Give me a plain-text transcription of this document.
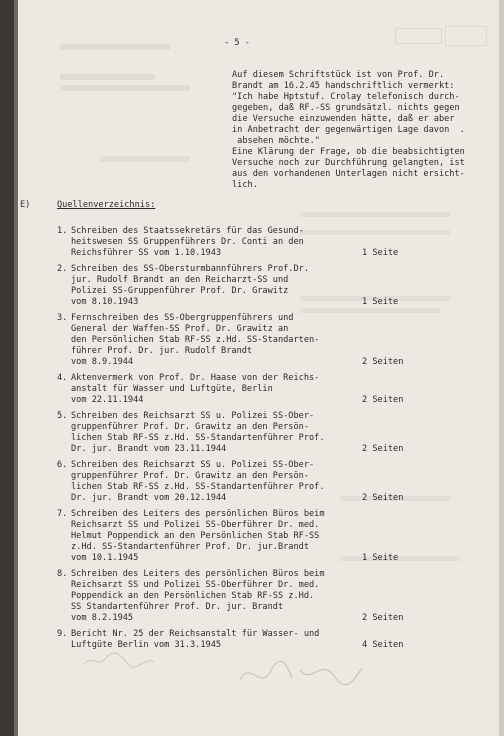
- 5 -
Auf diesem Schriftstück ist von Prof. Dr.
Brandt am 16.2.45 handschriftlich vermerkt:
"Ich habe Hptstuf. Crolay telefonisch durch-
gegeben, daß RF.-SS grundsätzl. nichts gegen
die Versuche einzuwenden hätte, daß er aber
in Anbetracht der gegenwärtigen Lage davon  .
absehen möchte."
Eine Klärung der Frage, ob die beabsichtigten
Versuche noch zur Durchführung gelangten, ist
aus den vorhandenen Unterlagen nicht ersicht-
lich.
E)	Quellenverzeichnis:
1. Schreiben des Staatssekretärs für das Gesund-
heitswesen SS Gruppenführers Dr. Conti an den
Reichsführer SS vom 1.10.1943	1 Seite
2. Schreiben des SS-Obersturmbannführers Prof.Dr.
jur. Rudolf Brandt an den Reicharzt-SS und
Polizei SS-Gruppenführer Prof. Dr. Grawitz
vom 8.10.1943	1 Seite
3. Fernschreiben des SS-Obergruppenführers und
General der Waffen-SS Prof. Dr. Grawitz an
den Persönlichen Stab RF-SS z.Hd. SS-Standarten-
führer Prof. Dr. jur. Rudolf Brandt
vom 8.9.1944	2 Seiten
4. Aktenvermerk von Prof. Dr. Haase von der Reichs-
anstalt für Wasser und Luftgüte, Berlin
vom 22.11.1944	2 Seiten
5. Schreiben des Reichsarzt SS u. Polizei SS-Ober-
gruppenführer Prof. Dr. Grawitz an den Persön-
lichen Stab RF-SS z.Hd. SS-Standartenführer Prof.
Dr. jur. Brandt vom 23.11.1944	2 Seiten
6. Schreiben des Reichsarzt SS u. Polizei SS-Ober-
gruppenführer Prof. Dr. Grawitz an den Persön-
lichen Stab RF-SS z.Hd. SS-Standartenführer Prof.
Dr. jur. Brandt vom 20.12.1944	2 Seiten
7. Schreiben des Leiters des persönlichen Büros beim
Reichsarzt SS und Polizei SS-Oberführer Dr. med.
Helmut Poppendick an den Persönlichen Stab RF-SS
z.Hd. SS-Standartenführer Prof. Dr. jur.Brandt
vom 10.1.1945	1 Seite
8. Schreiben des Leiters des persönlichen Büros beim
Reichsarzt SS und Polizei SS-Oberführer Dr. med.
Poppendick an den Persönlichen Stab RF-SS z.Hd.
SS Standartenführer Prof. Dr. jur. Brandt
vom 8.2.1945	2 Seiten
9. Bericht Nr. 25 der Reichsanstalt für Wasser- und
Luftgüte Berlin vom 31.3.1945	4 Seiten
